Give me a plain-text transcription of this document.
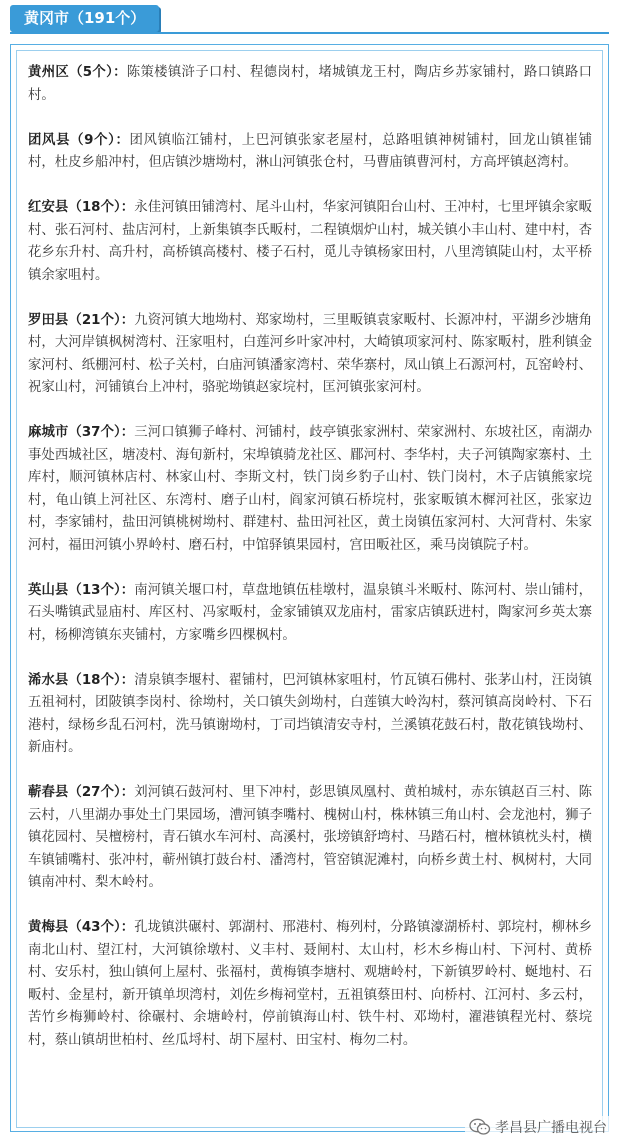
黄冈市（191个）

黄州区（5个）：陈策楼镇浒子口村、程德岗村，堵城镇龙王村，陶店乡苏家铺村，路口镇路口村。

团风县（9个）：团风镇临江铺村，上巴河镇张家老屋村，总路咀镇神树铺村，回龙山镇崔铺村，杜皮乡船冲村，但店镇沙塘坳村，淋山河镇张仓村，马曹庙镇曹河村，方高坪镇赵湾村。

红安县（18个）：永佳河镇田铺湾村、尾斗山村，华家河镇阳台山村、王冲村，七里坪镇余家畈村、张石河村、盐店河村，上新集镇李氏畈村，二程镇烟炉山村，城关镇小丰山村、建中村，杏花乡东升村、高升村，高桥镇高楼村、楼子石村，觅儿寺镇杨家田村，八里湾镇陡山村，太平桥镇余家咀村。

罗田县（21个）：九资河镇大地坳村、郑家坳村，三里畈镇袁家畈村、长源冲村，平湖乡沙塘角村，大河岸镇枫树湾村、汪家咀村，白莲河乡叶家冲村，大崎镇项家河村、陈家畈村，胜利镇金家河村、纸棚河村、松子关村，白庙河镇潘家湾村、荣华寨村，凤山镇上石源河村，瓦窑岭村、祝家山村，河铺镇台上冲村，骆驼坳镇赵家垸村，匡河镇张家河村。

麻城市（37个）：三河口镇狮子峰村、河铺村，歧亭镇张家洲村、荣家洲村、东坡社区，南湖办事处西城社区，塘凌村、海旬新村，宋埠镇骑龙社区、郿河村、李华村，夫子河镇陶家寨村、土库村，顺河镇林店村、林家山村、李斯文村，铁门岗乡豹子山村、铁门岗村，木子店镇熊家垸村，龟山镇上河社区、东湾村、磨子山村，阎家河镇石桥垸村，张家畈镇木樨河社区，张家边村，李家铺村，盐田河镇桃树坳村、群建村、盐田河社区，黄土岗镇伍家河村、大河背村、朱家河村，福田河镇小界岭村、磨石村，中馆驿镇果园村，宫田畈社区，乘马岗镇院子村。

英山县（13个）：南河镇关堰口村，草盘地镇伍桂墩村，温泉镇斗米畈村、陈河村、崇山铺村，石头嘴镇武显庙村、库区村、冯家畈村，金家铺镇双龙庙村，雷家店镇跃进村，陶家河乡英太寨村，杨柳湾镇东夹铺村，方家嘴乡四棵枫村。

浠水县（18个）：清泉镇李堰村、翟铺村，巴河镇林家咀村，竹瓦镇石佛村、张茅山村，汪岗镇五祖祠村，团陂镇李岗村、徐坳村，关口镇失剑坳村，白莲镇大岭沟村，蔡河镇高岗岭村、下石港村，绿杨乡乱石河村，洗马镇谢坳村，丁司垱镇清安寺村，兰溪镇花鼓石村，散花镇钱坳村、新庙村。

蕲春县（27个）：刘河镇石鼓河村、里下冲村，彭思镇凤凰村、黄柏城村，赤东镇赵百三村、陈云村，八里湖办事处土门果园场，漕河镇李嘴村、槐树山村，株林镇三角山村、会龙池村，狮子镇花园村、吴檀榜村，青石镇水车河村、高溪村，张塝镇舒塆村、马踏石村，檀林镇枕头村，横车镇铺嘴村、张冲村，蕲州镇打鼓台村、潘湾村，管窑镇泥滩村，向桥乡黄土村、枫树村，大同镇南冲村、梨木岭村。

黄梅县（43个）：孔垅镇洪碾村、郭湖村、邢港村、梅列村，分路镇濠湖桥村、郭垸村，柳林乡南北山村、望江村，大河镇徐墩村、义丰村、聂闸村、太山村，杉木乡梅山村、下河村、黄桥村、安乐村，独山镇何上屋村、张福村，黄梅镇李塘村、观塘岭村，下新镇罗岭村、蜒地村、石畈村、金星村，新开镇单坝湾村，刘佐乡梅祠堂村，五祖镇蔡田村、向桥村、江河村、多云村，苦竹乡梅狮岭村、徐碾村、余塘岭村，停前镇海山村、铁牛村、邓坳村，濯港镇程光村、蔡垸村，蔡山镇胡世柏村、丝瓜埒村、胡下屋村、田宝村、梅勿二村。

孝昌县广播电视台
